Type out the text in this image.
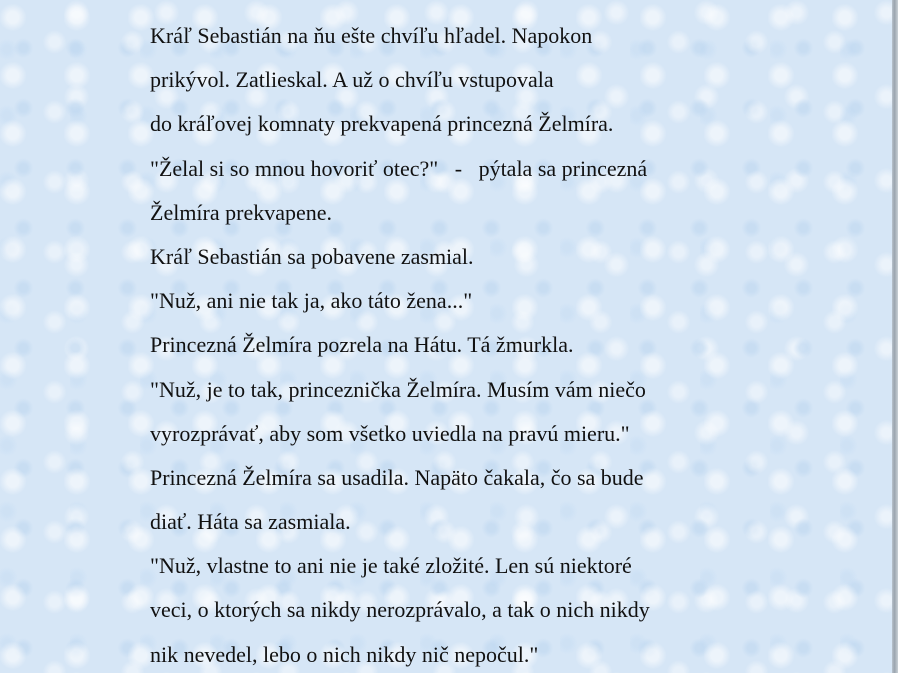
Kráľ Sebastián na ňu ešte chvíľu hľadel. Napokon
prikývol. Zatlieskal. A už o chvíľu vstupovala
do kráľovej komnaty prekvapená princezná Želmíra.
"Želal si so mnou hovoriť otec?"   -   pýtala sa princezná
Želmíra prekvapene.
Kráľ Sebastián sa pobavene zasmial.
"Nuž, ani nie tak ja, ako táto žena..."
Princezná Želmíra pozrela na Hátu. Tá žmurkla.
"Nuž, je to tak, princeznička Želmíra. Musím vám niečo
vyrozprávať, aby som všetko uviedla na pravú mieru."
Princezná Želmíra sa usadila. Napäto čakala, čo sa bude
diať. Háta sa zasmiala.
"Nuž, vlastne to ani nie je také zložité. Len sú niektoré
veci, o ktorých sa nikdy nerozprávalo, a tak o nich nikdy
nik nevedel, lebo o nich nikdy nič nepočul."
